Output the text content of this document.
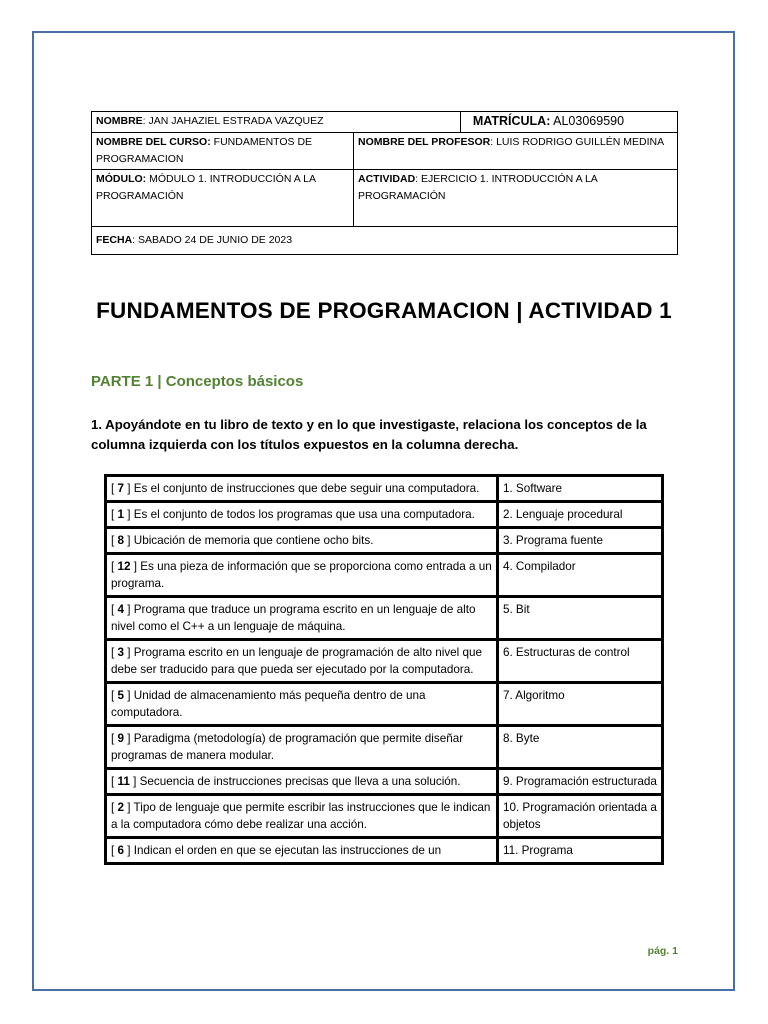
NOMBRE: JAN JAHAZIEL ESTRADA VAZQUEZ		MATRÍCULA: AL03069590
NOMBRE DEL CURSO: FUNDAMENTOS DE PROGRAMACION	NOMBRE DEL PROFESOR: LUIS RODRIGO GUILLÉN MEDINA	
MÓDULO: MÓDULO 1. INTRODUCCIÓN A LA PROGRAMACIÓN	ACTIVIDAD: EJERCICIO 1. INTRODUCCIÓN A LA PROGRAMACIÓN	
FECHA: SABADO 24 DE JUNIO DE 2023		
FUNDAMENTOS DE PROGRAMACION | ACTIVIDAD 1
PARTE 1 | Conceptos básicos
1. Apoyándote en tu libro de texto y en lo que investigaste, relaciona los conceptos de la columna izquierda con los títulos expuestos en la columna derecha.
[ 7 ] Es el conjunto de instrucciones que debe seguir una computadora.	1. Software
[ 1 ] Es el conjunto de todos los programas que usa una computadora.	2. Lenguaje procedural
[ 8 ] Ubicación de memoria que contiene ocho bits.	3. Programa fuente
[ 12 ] Es una pieza de información que se proporciona como entrada a un programa.	4. Compilador
[ 4 ] Programa que traduce un programa escrito en un lenguaje de alto nivel como el C++ a un lenguaje de máquina.	5. Bit
[ 3 ] Programa escrito en un lenguaje de programación de alto nivel que debe ser traducido para que pueda ser ejecutado por la computadora.	6. Estructuras de control
[ 5 ] Unidad de almacenamiento más pequeña dentro de una computadora.	7. Algoritmo
[ 9 ] Paradigma (metodología) de programación que permite diseñar programas de manera modular.	8. Byte
[ 11 ] Secuencia de instrucciones precisas que lleva a una solución.	9. Programación estructurada
[ 2 ] Tipo de lenguaje que permite escribir las instrucciones que le indican a la computadora cómo debe realizar una acción.	10. Programación orientada a objetos
[ 6 ] Indican el orden en que se ejecutan las instrucciones de un	11. Programa
pág. 1
